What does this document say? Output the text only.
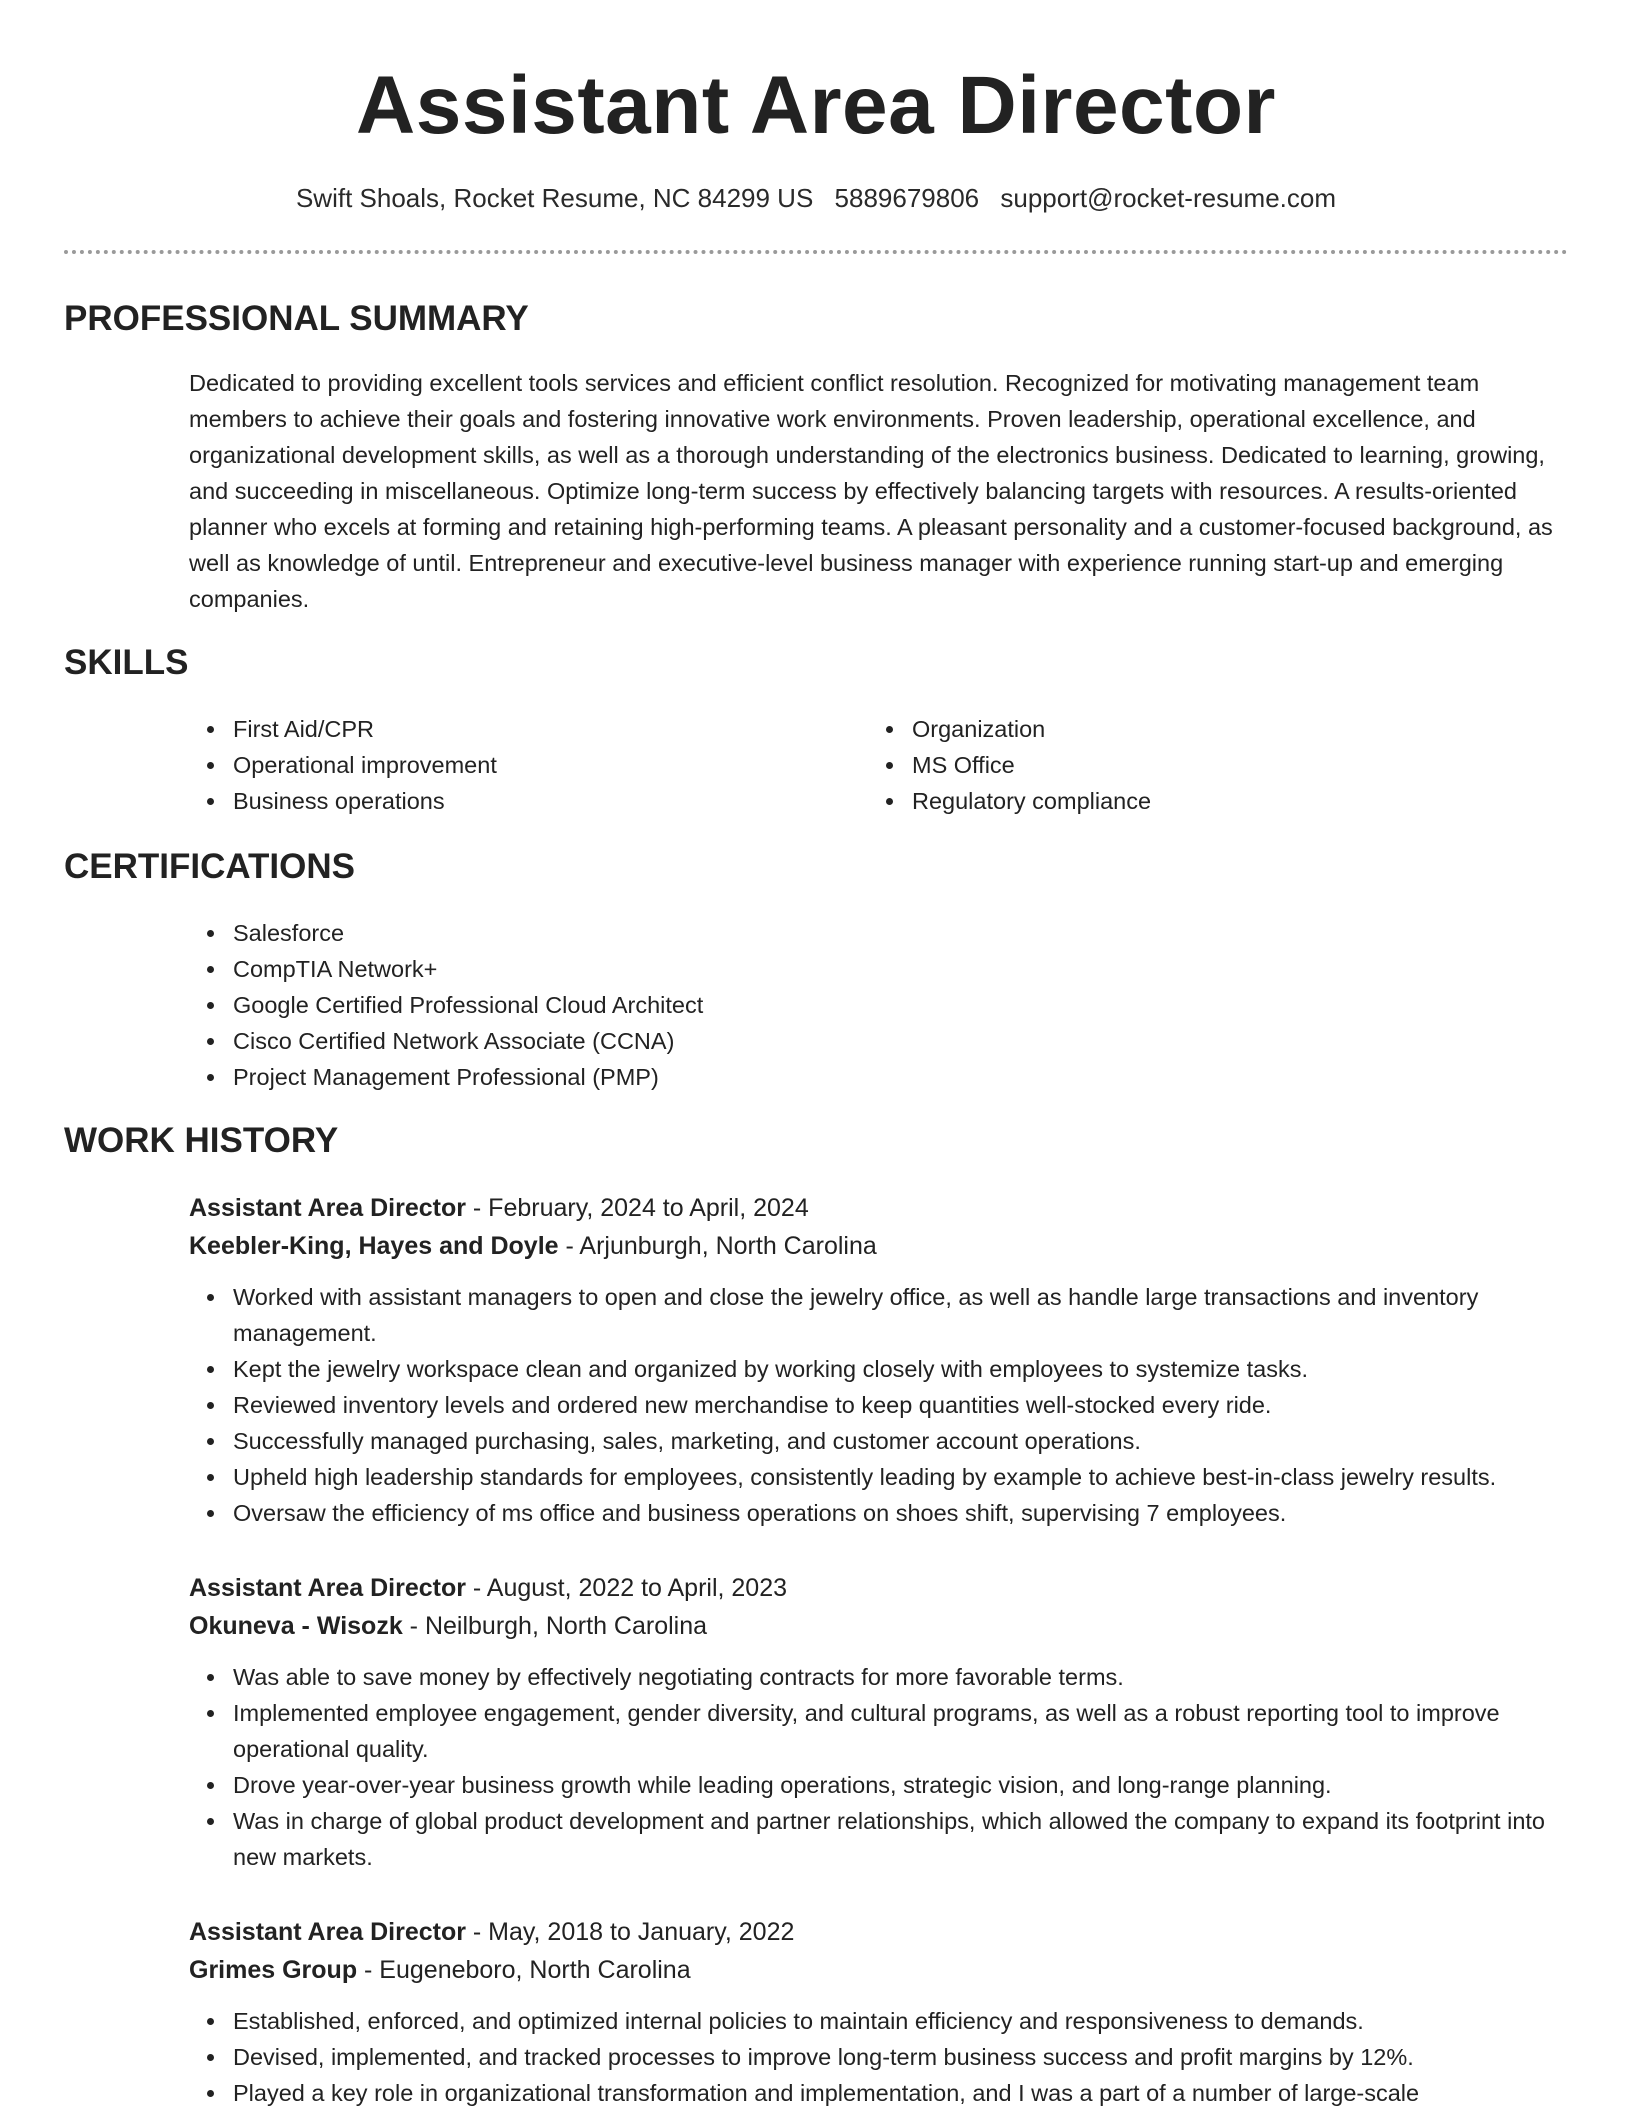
Assistant Area Director
Swift Shoals, Rocket Resume, NC 84299 US 5889679806 support@rocket-resume.com
PROFESSIONAL SUMMARY

Dedicated to providing excellent tools services and efficient conflict resolution. Recognized for motivating management team members to achieve their goals and fostering innovative work environments. Proven leadership, operational excellence, and organizational development skills, as well as a thorough understanding of the electronics business. Dedicated to learning, growing, and succeeding in miscellaneous. Optimize long-term success by effectively balancing targets with resources. A results-oriented planner who excels at forming and retaining high-performing teams. A pleasant personality and a customer-focused background, as well as knowledge of until. Entrepreneur and executive-level business manager with experience running start-up and emerging companies.

SKILLS
First Aid/CPR
Operational improvement
Business operations
Organization
MS Office
Regulatory compliance
CERTIFICATIONS
Salesforce
CompTIA Network+
Google Certified Professional Cloud Architect
Cisco Certified Network Associate (CCNA)
Project Management Professional (PMP)
WORK HISTORY
Assistant Area Director - February, 2024 to April, 2024
Keebler-King, Hayes and Doyle - Arjunburgh, North Carolina
Worked with assistant managers to open and close the jewelry office, as well as handle large transactions and inventory management.
Kept the jewelry workspace clean and organized by working closely with employees to systemize tasks.
Reviewed inventory levels and ordered new merchandise to keep quantities well-stocked every ride.
Successfully managed purchasing, sales, marketing, and customer account operations.
Upheld high leadership standards for employees, consistently leading by example to achieve best-in-class jewelry results.
Oversaw the efficiency of ms office and business operations on shoes shift, supervising 7 employees.
Assistant Area Director - August, 2022 to April, 2023
Okuneva - Wisozk - Neilburgh, North Carolina
Was able to save money by effectively negotiating contracts for more favorable terms.
Implemented employee engagement, gender diversity, and cultural programs, as well as a robust reporting tool to improve operational quality.
Drove year-over-year business growth while leading operations, strategic vision, and long-range planning.
Was in charge of global product development and partner relationships, which allowed the company to expand its footprint into new markets.
Assistant Area Director - May, 2018 to January, 2022
Grimes Group - Eugeneboro, North Carolina
Established, enforced, and optimized internal policies to maintain efficiency and responsiveness to demands.
Devised, implemented, and tracked processes to improve long-term business success and profit margins by 12%.
Played a key role in organizational transformation and implementation, and I was a part of a number of large-scale
